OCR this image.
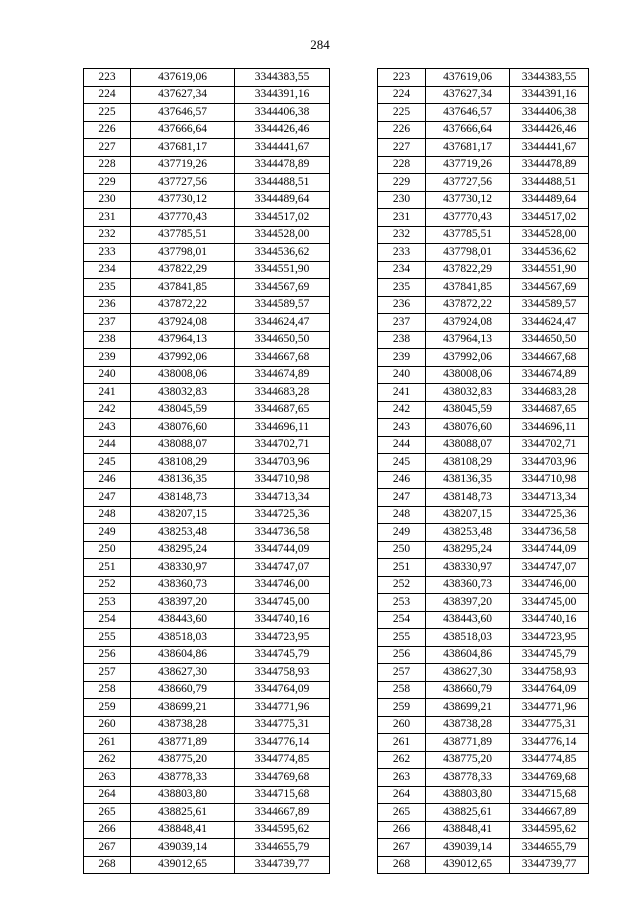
284
223	437619,06	3344383,55
224	437627,34	3344391,16
225	437646,57	3344406,38
226	437666,64	3344426,46
227	437681,17	3344441,67
228	437719,26	3344478,89
229	437727,56	3344488,51
230	437730,12	3344489,64
231	437770,43	3344517,02
232	437785,51	3344528,00
233	437798,01	3344536,62
234	437822,29	3344551,90
235	437841,85	3344567,69
236	437872,22	3344589,57
237	437924,08	3344624,47
238	437964,13	3344650,50
239	437992,06	3344667,68
240	438008,06	3344674,89
241	438032,83	3344683,28
242	438045,59	3344687,65
243	438076,60	3344696,11
244	438088,07	3344702,71
245	438108,29	3344703,96
246	438136,35	3344710,98
247	438148,73	3344713,34
248	438207,15	3344725,36
249	438253,48	3344736,58
250	438295,24	3344744,09
251	438330,97	3344747,07
252	438360,73	3344746,00
253	438397,20	3344745,00
254	438443,60	3344740,16
255	438518,03	3344723,95
256	438604,86	3344745,79
257	438627,30	3344758,93
258	438660,79	3344764,09
259	438699,21	3344771,96
260	438738,28	3344775,31
261	438771,89	3344776,14
262	438775,20	3344774,85
263	438778,33	3344769,68
264	438803,80	3344715,68
265	438825,61	3344667,89
266	438848,41	3344595,62
267	439039,14	3344655,79
268	439012,65	3344739,77
223	437619,06	3344383,55
224	437627,34	3344391,16
225	437646,57	3344406,38
226	437666,64	3344426,46
227	437681,17	3344441,67
228	437719,26	3344478,89
229	437727,56	3344488,51
230	437730,12	3344489,64
231	437770,43	3344517,02
232	437785,51	3344528,00
233	437798,01	3344536,62
234	437822,29	3344551,90
235	437841,85	3344567,69
236	437872,22	3344589,57
237	437924,08	3344624,47
238	437964,13	3344650,50
239	437992,06	3344667,68
240	438008,06	3344674,89
241	438032,83	3344683,28
242	438045,59	3344687,65
243	438076,60	3344696,11
244	438088,07	3344702,71
245	438108,29	3344703,96
246	438136,35	3344710,98
247	438148,73	3344713,34
248	438207,15	3344725,36
249	438253,48	3344736,58
250	438295,24	3344744,09
251	438330,97	3344747,07
252	438360,73	3344746,00
253	438397,20	3344745,00
254	438443,60	3344740,16
255	438518,03	3344723,95
256	438604,86	3344745,79
257	438627,30	3344758,93
258	438660,79	3344764,09
259	438699,21	3344771,96
260	438738,28	3344775,31
261	438771,89	3344776,14
262	438775,20	3344774,85
263	438778,33	3344769,68
264	438803,80	3344715,68
265	438825,61	3344667,89
266	438848,41	3344595,62
267	439039,14	3344655,79
268	439012,65	3344739,77
